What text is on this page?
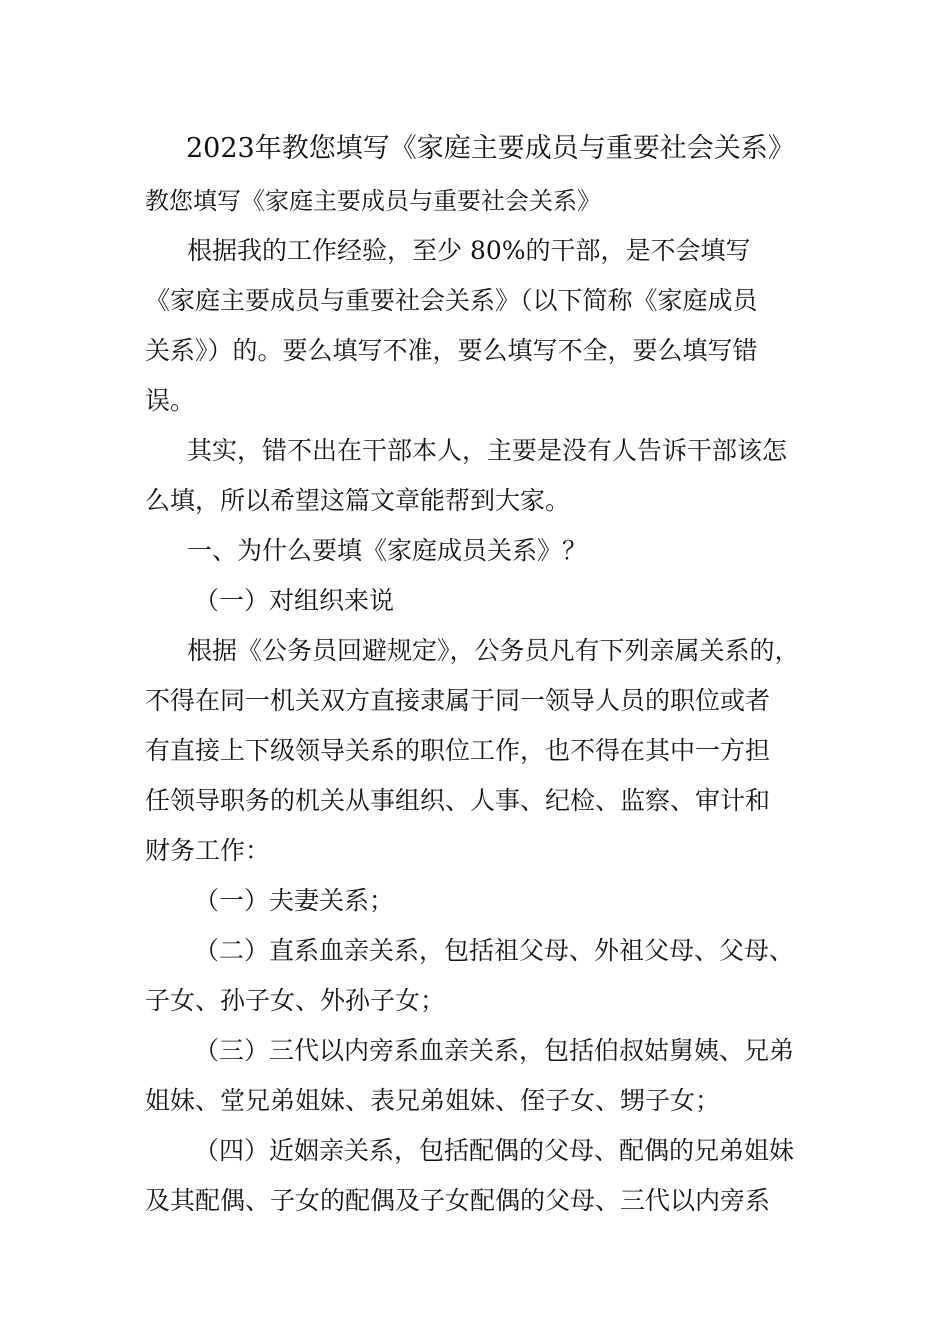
2023年教您填写《家庭主要成员与重要社会关系》
教您填写《家庭主要成员与重要社会关系》
根据我的工作经验，至少 80%的干部，是不会填写
《家庭主要成员与重要社会关系》（以下简称《家庭成员
关系》）的。要么填写不准，要么填写不全，要么填写错
误。
其实，错不出在干部本人，主要是没有人告诉干部该怎
么填，所以希望这篇文章能帮到大家。
一、为什么要填《家庭成员关系》？
（一）对组织来说
根据《公务员回避规定》，公务员凡有下列亲属关系的，
不得在同一机关双方直接隶属于同一领导人员的职位或者
有直接上下级领导关系的职位工作，也不得在其中一方担
任领导职务的机关从事组织、人事、纪检、监察、审计和
财务工作：
（一）夫妻关系；
（二）直系血亲关系，包括祖父母、外祖父母、父母、
子女、孙子女、外孙子女；
（三）三代以内旁系血亲关系，包括伯叔姑舅姨、兄弟
姐妹、堂兄弟姐妹、表兄弟姐妹、侄子女、甥子女；
（四）近姻亲关系，包括配偶的父母、配偶的兄弟姐妹
及其配偶、子女的配偶及子女配偶的父母、三代以内旁系
